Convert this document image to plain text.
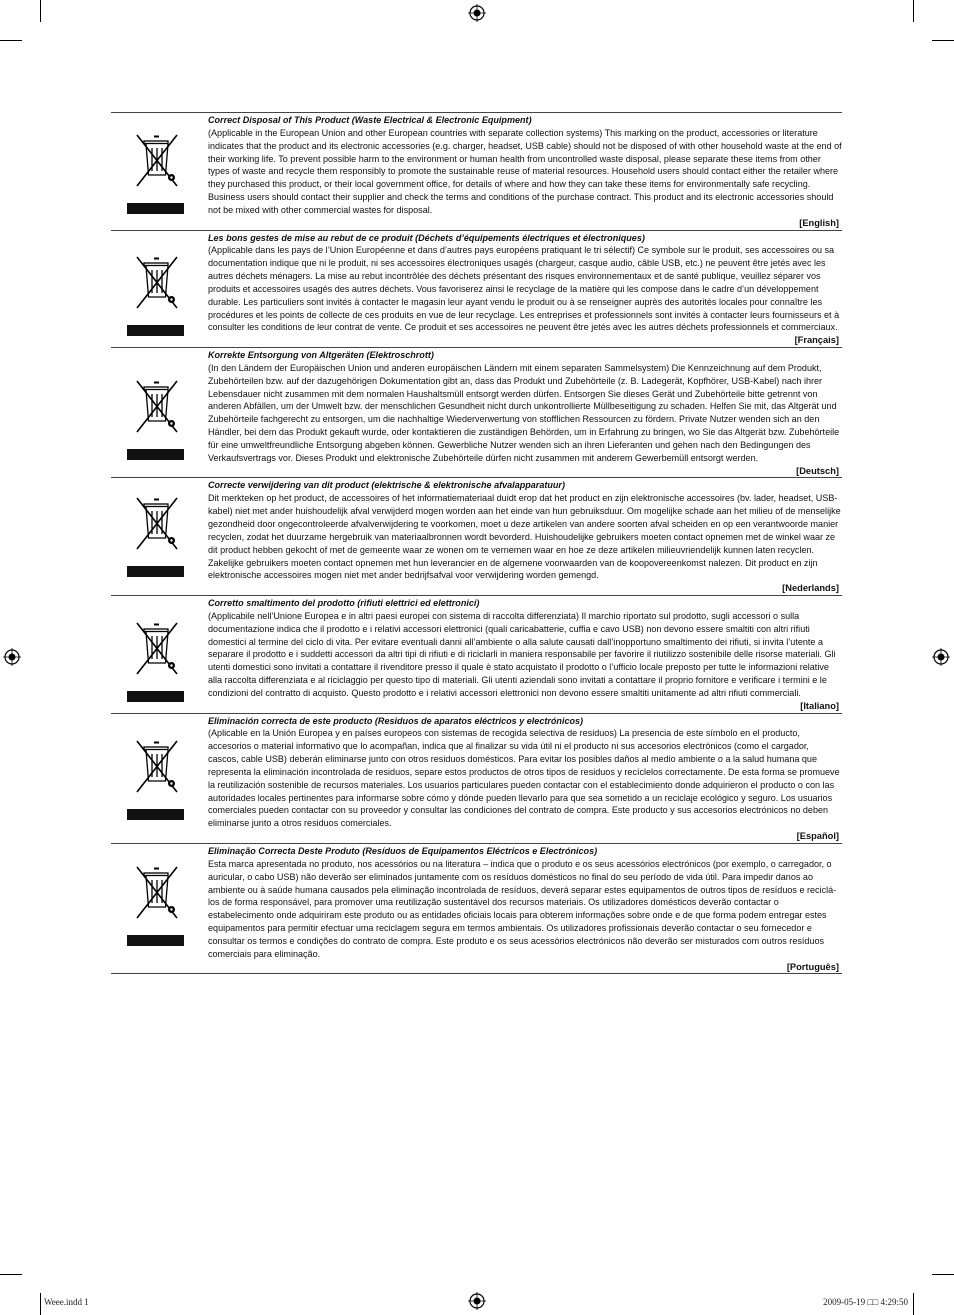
Correct Disposal of This Product (Waste Electrical & Electronic Equipment)
(Applicable in the European Union and other European countries with separate collection systems) This marking on the product, accessories or literature indicates that the product and its electronic accessories (e.g. charger, headset, USB cable) should not be disposed of with other household waste at the end of their working life. To prevent possible harm to the environment or human health from uncontrolled waste disposal, please separate these items from other types of waste and recycle them responsibly to promote the sustainable reuse of material resources. Household users should contact either the retailer where they purchased this product, or their local government office, for details of where and how they can take these items for environmentally safe recycling. Business users should contact their supplier and check the terms and conditions of the purchase contract. This product and its electronic accessories should not be mixed with other commercial wastes for disposal.
[English]
Les bons gestes de mise au rebut de ce produit (Déchets d’équipements électriques et électroniques)
(Applicable dans les pays de l’Union Européenne et dans d’autres pays européens pratiquant le tri sélectif) Ce symbole sur le produit, ses accessoires ou sa documentation indique que ni le produit, ni ses accessoires électroniques usagés (chargeur, casque audio, câble USB, etc.) ne peuvent être jetés avec les autres déchets ménagers. La mise au rebut incontrôlée des déchets présentant des risques environnementaux et de santé publique, veuillez séparer vos produits et accessoires usagés des autres déchets. Vous favoriserez ainsi le recyclage de la matière qui les compose dans le cadre d’un développement durable. Les particuliers sont invités à contacter le magasin leur ayant vendu le produit ou à se renseigner auprès des autorités locales pour connaître les procédures et les points de collecte de ces produits en vue de leur recyclage. Les entreprises et professionnels sont invités à contacter leurs fournisseurs et à consulter les conditions de leur contrat de vente. Ce produit et ses accessoires ne peuvent être jetés avec les autres déchets professionnels et commerciaux.
[Français]
Korrekte Entsorgung von Altgeräten (Elektroschrott)
(In den Ländern der Europäischen Union und anderen europäischen Ländern mit einem separaten Sammelsystem) Die Kennzeichnung auf dem Produkt, Zubehörteilen bzw. auf der dazugehörigen Dokumentation gibt an, dass das Produkt und Zubehörteile (z. B. Ladegerät, Kopfhörer, USB-Kabel) nach ihrer Lebensdauer nicht zusammen mit dem normalen Haushaltsmüll entsorgt werden dürfen. Entsorgen Sie dieses Gerät und Zubehörteile bitte getrennt von anderen Abfällen, um der Umwelt bzw. der menschlichen Gesundheit nicht durch unkontrollierte Müllbeseitigung zu schaden. Helfen Sie mit, das Altgerät und Zubehörteile fachgerecht zu entsorgen, um die nachhaltige Wiederverwertung von stofflichen Ressourcen zu fördern. Private Nutzer wenden sich an den Händler, bei dem das Produkt gekauft wurde, oder kontaktieren die zuständigen Behörden, um in Erfahrung zu bringen, wo Sie das Altgerät bzw. Zubehörteile für eine umweltfreundliche Entsorgung abgeben können. Gewerbliche Nutzer wenden sich an ihren Lieferanten und gehen nach den Bedingungen des Verkaufsvertrags vor. Dieses Produkt und elektronische Zubehörteile dürfen nicht zusammen mit anderem Gewerbemüll entsorgt werden.
[Deutsch]
Correcte verwijdering van dit product (elektrische & elektronische afvalapparatuur)
Dit merkteken op het product, de accessoires of het informatiemateriaal duidt erop dat het product en zijn elektronische accessoires (bv. lader, headset, USB-kabel) niet met ander huishoudelijk afval verwijderd mogen worden aan het einde van hun gebruiksduur. Om mogelijke schade aan het milieu of de menselijke gezondheid door ongecontroleerde afvalverwijdering te voorkomen, moet u deze artikelen van andere soorten afval scheiden en op een verantwoorde manier recyclen, zodat het duurzame hergebruik van materiaalbronnen wordt bevorderd. Huishoudelijke gebruikers moeten contact opnemen met de winkel waar ze dit product hebben gekocht of met de gemeente waar ze wonen om te vernemen waar en hoe ze deze artikelen milieuvriendelijk kunnen laten recyclen. Zakelijke gebruikers moeten contact opnemen met hun leverancier en de algemene voorwaarden van de koopovereenkomst nalezen. Dit product en zijn elektronische accessoires mogen niet met ander bedrijfsafval voor verwijdering worden gemengd.
[Nederlands]
Corretto smaltimento del prodotto (rifiuti elettrici ed elettronici)
(Applicabile nell’Unione Europea e in altri paesi europei con sistema di raccolta differenziata) Il marchio riportato sul prodotto, sugli accessori o sulla documentazione indica che il prodotto e i relativi accessori elettronici (quali caricabatterie, cuffia e cavo USB) non devono essere smaltiti con altri rifiuti domestici al termine del ciclo di vita. Per evitare eventuali danni all’ambiente o alla salute causati dall’inopportuno smaltimento dei rifiuti, si invita l’utente a separare il prodotto e i suddetti accessori da altri tipi di rifiuti e di riciclarli in maniera responsabile per favorire il riutilizzo sostenibile delle risorse materiali. Gli utenti domestici sono invitati a contattare il rivenditore presso il quale è stato acquistato il prodotto o l’ufficio locale preposto per tutte le informazioni relative alla raccolta differenziata e al riciclaggio per questo tipo di materiali. Gli utenti aziendali sono invitati a contattare il proprio fornitore e verificare i termini e le condizioni del contratto di acquisto. Questo prodotto e i relativi accessori elettronici non devono essere smaltiti unitamente ad altri rifiuti commerciali.
[Italiano]
Eliminación correcta de este producto (Residuos de aparatos eléctricos y electrónicos)
(Aplicable en la Unión Europea y en países europeos con sistemas de recogida selectiva de residuos) La presencia de este símbolo en el producto, accesorios o material informativo que lo acompañan, indica que al finalizar su vida útil ni el producto ni sus accesorios electrónicos (como el cargador, cascos, cable USB) deberán eliminarse junto con otros residuos domésticos. Para evitar los posibles daños al medio ambiente o a la salud humana que representa la eliminación incontrolada de residuos, separe estos productos de otros tipos de residuos y recíclelos correctamente. De esta forma se promueve la reutilización sostenible de recursos materiales. Los usuarios particulares pueden contactar con el establecimiento donde adquirieron el producto o con las autoridades locales pertinentes para informarse sobre cómo y dónde pueden llevarlo para que sea sometido a un reciclaje ecológico y seguro. Los usuarios comerciales pueden contactar con su proveedor y consultar las condiciones del contrato de compra. Este producto y sus accesorios electrónicos no deben eliminarse junto a otros residuos comerciales.
[Español]
Eliminação Correcta Deste Produto (Resíduos de Equipamentos Eléctricos e Electrónicos)
Esta marca apresentada no produto, nos acessórios ou na literatura – indica que o produto e os seus acessórios electrónicos (por exemplo, o carregador, o auricular, o cabo USB) não deverão ser eliminados juntamente com os resíduos domésticos no final do seu período de vida útil. Para impedir danos ao ambiente ou à saúde humana causados pela eliminação incontrolada de resíduos, deverá separar estes equipamentos de outros tipos de resíduos e reciclá-los de forma responsável, para promover uma reutilização sustentável dos recursos materiais. Os utilizadores domésticos deverão contactar o estabelecimento onde adquiriram este produto ou as entidades oficiais locais para obterem informações sobre onde e de que forma podem entregar estes equipamentos para permitir efectuar uma reciclagem segura em termos ambientais. Os utilizadores profissionais deverão contactar o seu fornecedor e consultar os termos e condições do contrato de compra. Este produto e os seus acessórios electrónicos não deverão ser misturados com outros resíduos comerciais para eliminação.
[Português]
Weee.indd 1	2009-05-19 □□ 4:29:50
